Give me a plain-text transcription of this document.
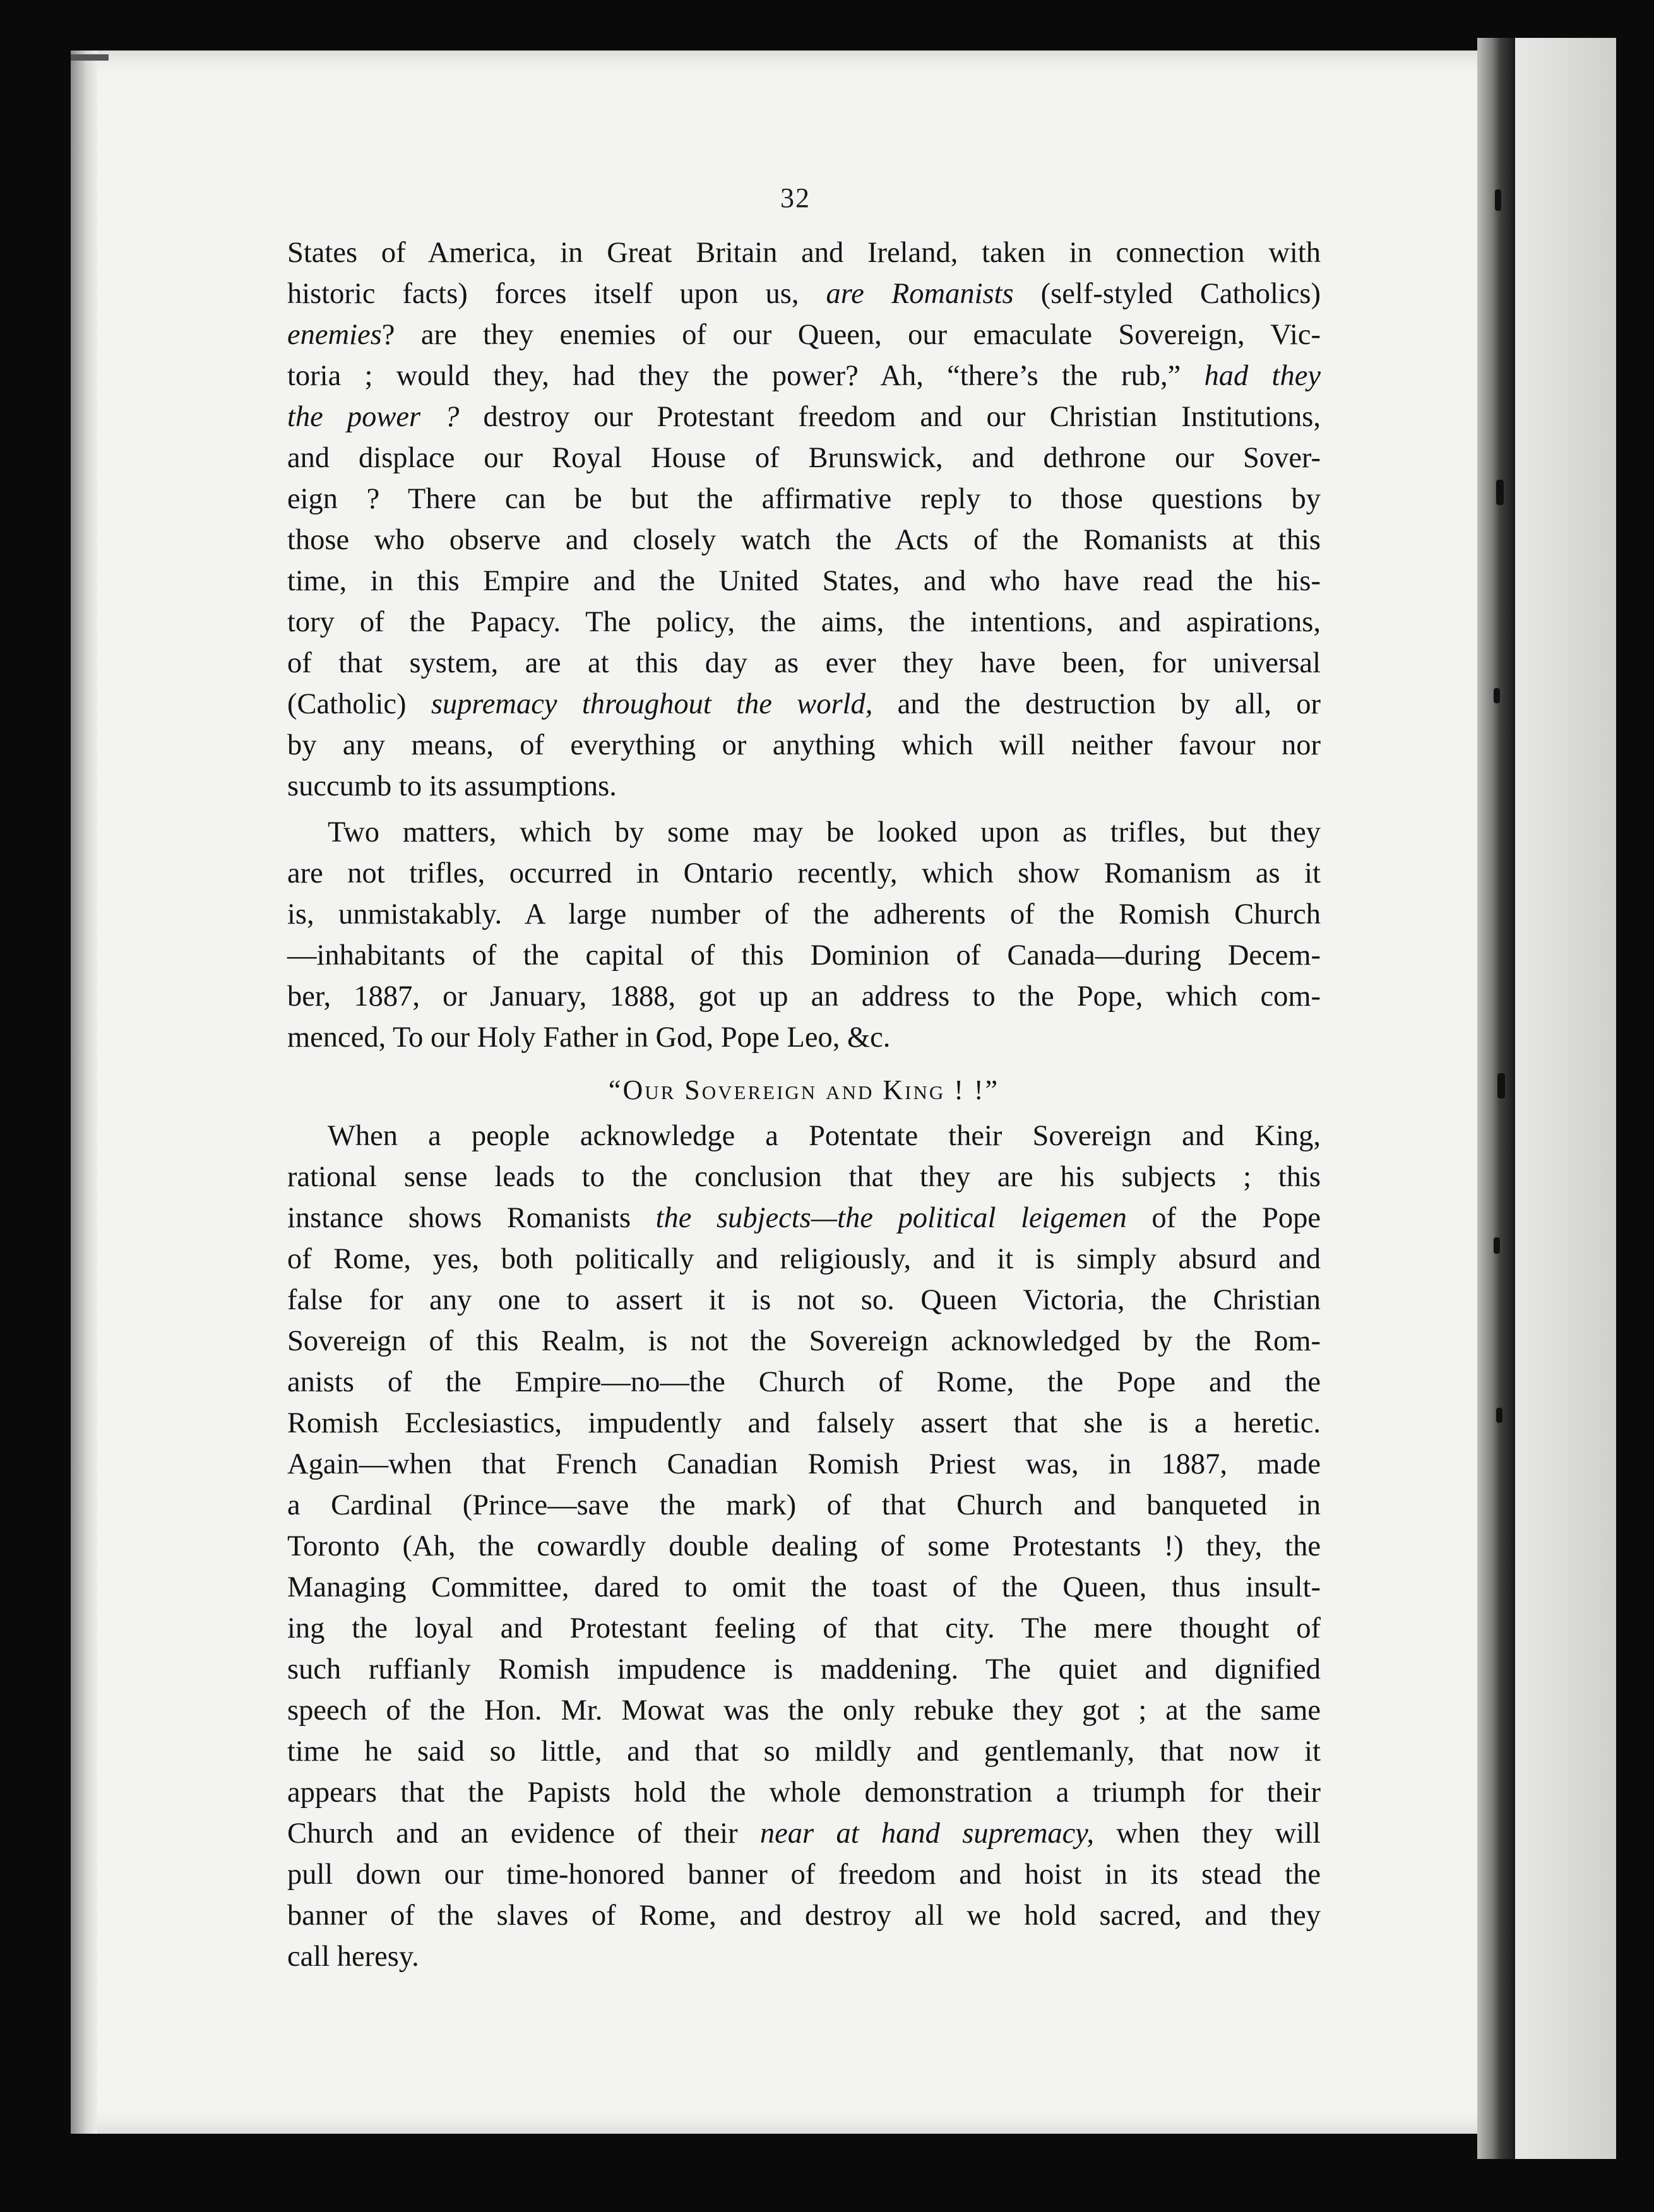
32
States of America, in Great Britain and Ireland, taken in connection with
historic facts) forces itself upon us, are Romanists (self-styled Catholics)
enemies? are they enemies of our Queen, our emaculate Sovereign, Vic-
toria ; would they, had they the power? Ah, “there’s the rub,” had they
the power ? destroy our Protestant freedom and our Christian Institutions,
and displace our Royal House of Brunswick, and dethrone our Sover-
eign ? There can be but the affirmative reply to those questions by
those who observe and closely watch the Acts of the Romanists at this
time, in this Empire and the United States, and who have read the his-
tory of the Papacy. The policy, the aims, the intentions, and aspirations,
of that system, are at this day as ever they have been, for universal
(Catholic) supremacy throughout the world, and the destruction by all, or
by any means, of everything or anything which will neither favour nor
succumb to its assumptions.
Two matters, which by some may be looked upon as trifles, but they
are not trifles, occurred in Ontario recently, which show Romanism as it
is, unmistakably. A large number of the adherents of the Romish Church
—inhabitants of the capital of this Dominion of Canada—during Decem-
ber, 1887, or January, 1888, got up an address to the Pope, which com-
menced, To our Holy Father in God, Pope Leo, &c.
“Our Sovereign and King ! !”
When a people acknowledge a Potentate their Sovereign and King,
rational sense leads to the conclusion that they are his subjects ; this
instance shows Romanists the subjects—the political leigemen of the Pope
of Rome, yes, both politically and religiously, and it is simply absurd and
false for any one to assert it is not so. Queen Victoria, the Christian
Sovereign of this Realm, is not the Sovereign acknowledged by the Rom-
anists of the Empire—no—the Church of Rome, the Pope and the
Romish Ecclesiastics, impudently and falsely assert that she is a heretic.
Again—when that French Canadian Romish Priest was, in 1887, made
a Cardinal (Prince—save the mark) of that Church and banqueted in
Toronto (Ah, the cowardly double dealing of some Protestants !) they, the
Managing Committee, dared to omit the toast of the Queen, thus insult-
ing the loyal and Protestant feeling of that city. The mere thought of
such ruffianly Romish impudence is maddening. The quiet and dignified
speech of the Hon. Mr. Mowat was the only rebuke they got ; at the same
time he said so little, and that so mildly and gentlemanly, that now it
appears that the Papists hold the whole demonstration a triumph for their
Church and an evidence of their near at hand supremacy, when they will
pull down our time-honored banner of freedom and hoist in its stead the
banner of the slaves of Rome, and destroy all we hold sacred, and they
call heresy.
